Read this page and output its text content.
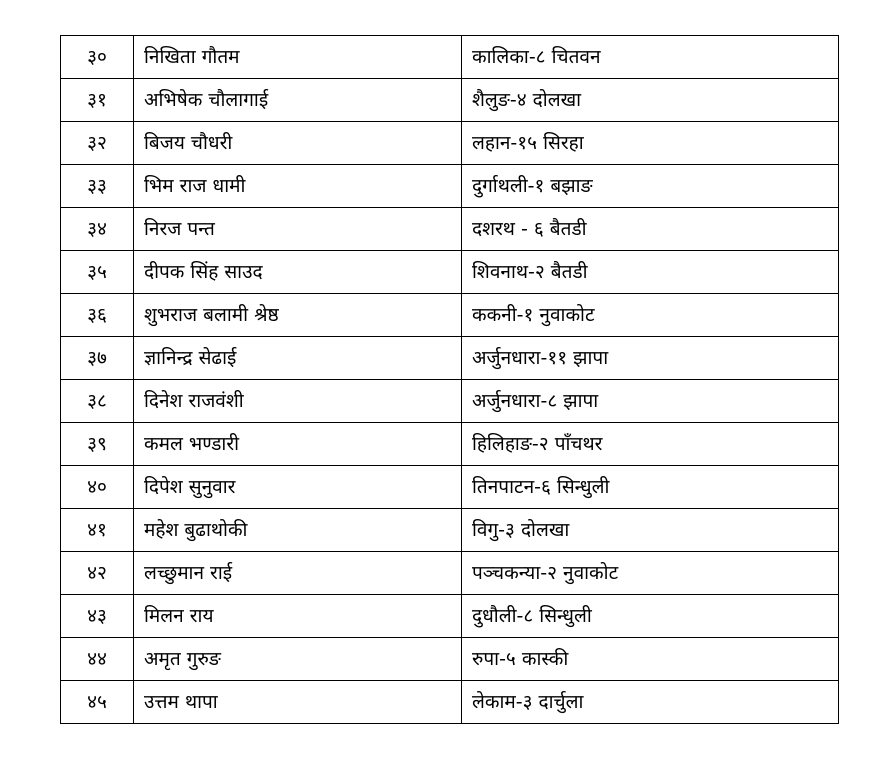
३०	निखिता गौतम	कालिका-८ चितवन
३१	अभिषेक चौलागाई	शैलुङ-४ दोलखा
३२	बिजय चौधरी	लहान-१५ सिरहा
३३	भिम राज धामी	दुर्गाथली-१ बझाङ
३४	निरज पन्त	दशरथ - ६ बैतडी
३५	दीपक सिंह साउद	शिवनाथ-२ बैतडी
३६	शुभराज बलामी श्रेष्ठ	ककनी-१ नुवाकोट
३७	ज्ञानिन्द्र सेढाई	अर्जुनधारा-११ झापा
३८	दिनेश राजवंशी	अर्जुनधारा-८ झापा
३९	कमल भण्डारी	हिलिहाङ-२ पाँचथर
४०	दिपेश सुनुवार	तिनपाटन-६ सिन्धुली
४१	महेश बुढाथोकी	विगु-३ दोलखा
४२	लच्छुमान राई	पञ्चकन्या-२ नुवाकोट
४३	मिलन राय	दुधौली-८ सिन्धुली
४४	अमृत गुरुङ	रुपा-५ कास्की
४५	उत्तम थापा	लेकाम-३ दार्चुला
